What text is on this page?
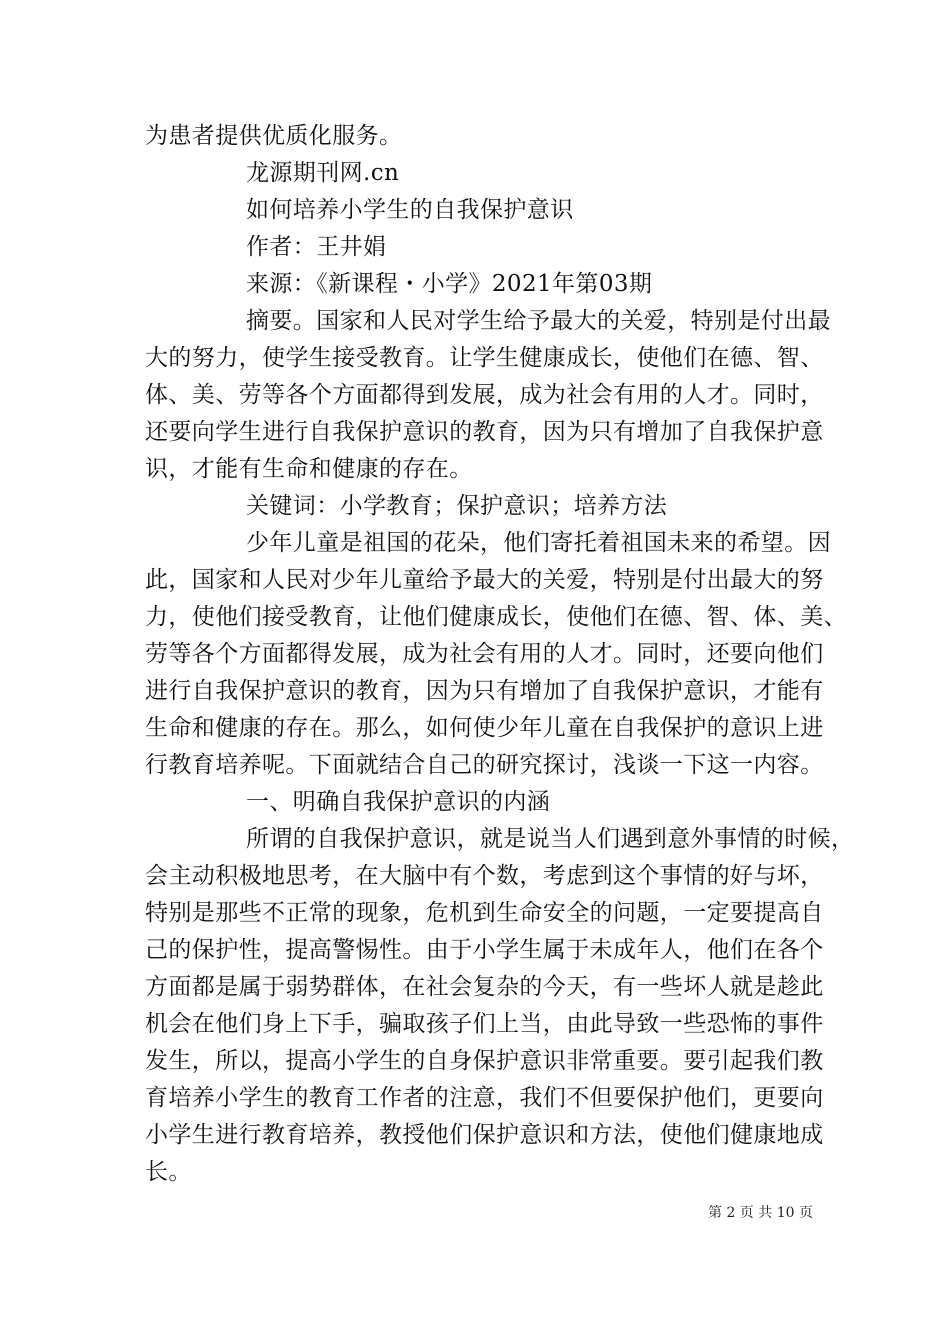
为患者提供优质化服务。
龙源期刊网.cn
如何培养小学生的自我保护意识
作者：王井娟
来源：《新课程・小学》2021年第03期
摘要。国家和人民对学生给予最大的关爱，特别是付出最
大的努力，使学生接受教育。让学生健康成长，使他们在德、智、
体、美、劳等各个方面都得到发展，成为社会有用的人才。同时，
还要向学生进行自我保护意识的教育，因为只有增加了自我保护意
识，才能有生命和健康的存在。
关键词：小学教育；保护意识；培养方法
少年儿童是祖国的花朵，他们寄托着祖国未来的希望。因
此，国家和人民对少年儿童给予最大的关爱，特别是付出最大的努
力，使他们接受教育，让他们健康成长，使他们在德、智、体、美、
劳等各个方面都得发展，成为社会有用的人才。同时，还要向他们
进行自我保护意识的教育，因为只有增加了自我保护意识，才能有
生命和健康的存在。那么，如何使少年儿童在自我保护的意识上进
行教育培养呢。下面就结合自己的研究探讨，浅谈一下这一内容。
一、明确自我保护意识的内涵
所谓的自我保护意识，就是说当人们遇到意外事情的时候，
会主动积极地思考，在大脑中有个数，考虑到这个事情的好与坏，
特别是那些不正常的现象，危机到生命安全的问题，一定要提高自
己的保护性，提高警惕性。由于小学生属于未成年人，他们在各个
方面都是属于弱势群体，在社会复杂的今天，有一些坏人就是趁此
机会在他们身上下手，骗取孩子们上当，由此导致一些恐怖的事件
发生，所以，提高小学生的自身保护意识非常重要。要引起我们教
育培养小学生的教育工作者的注意，我们不但要保护他们，更要向
小学生进行教育培养，教授他们保护意识和方法，使他们健康地成
长。
第 2 页 共 10 页
